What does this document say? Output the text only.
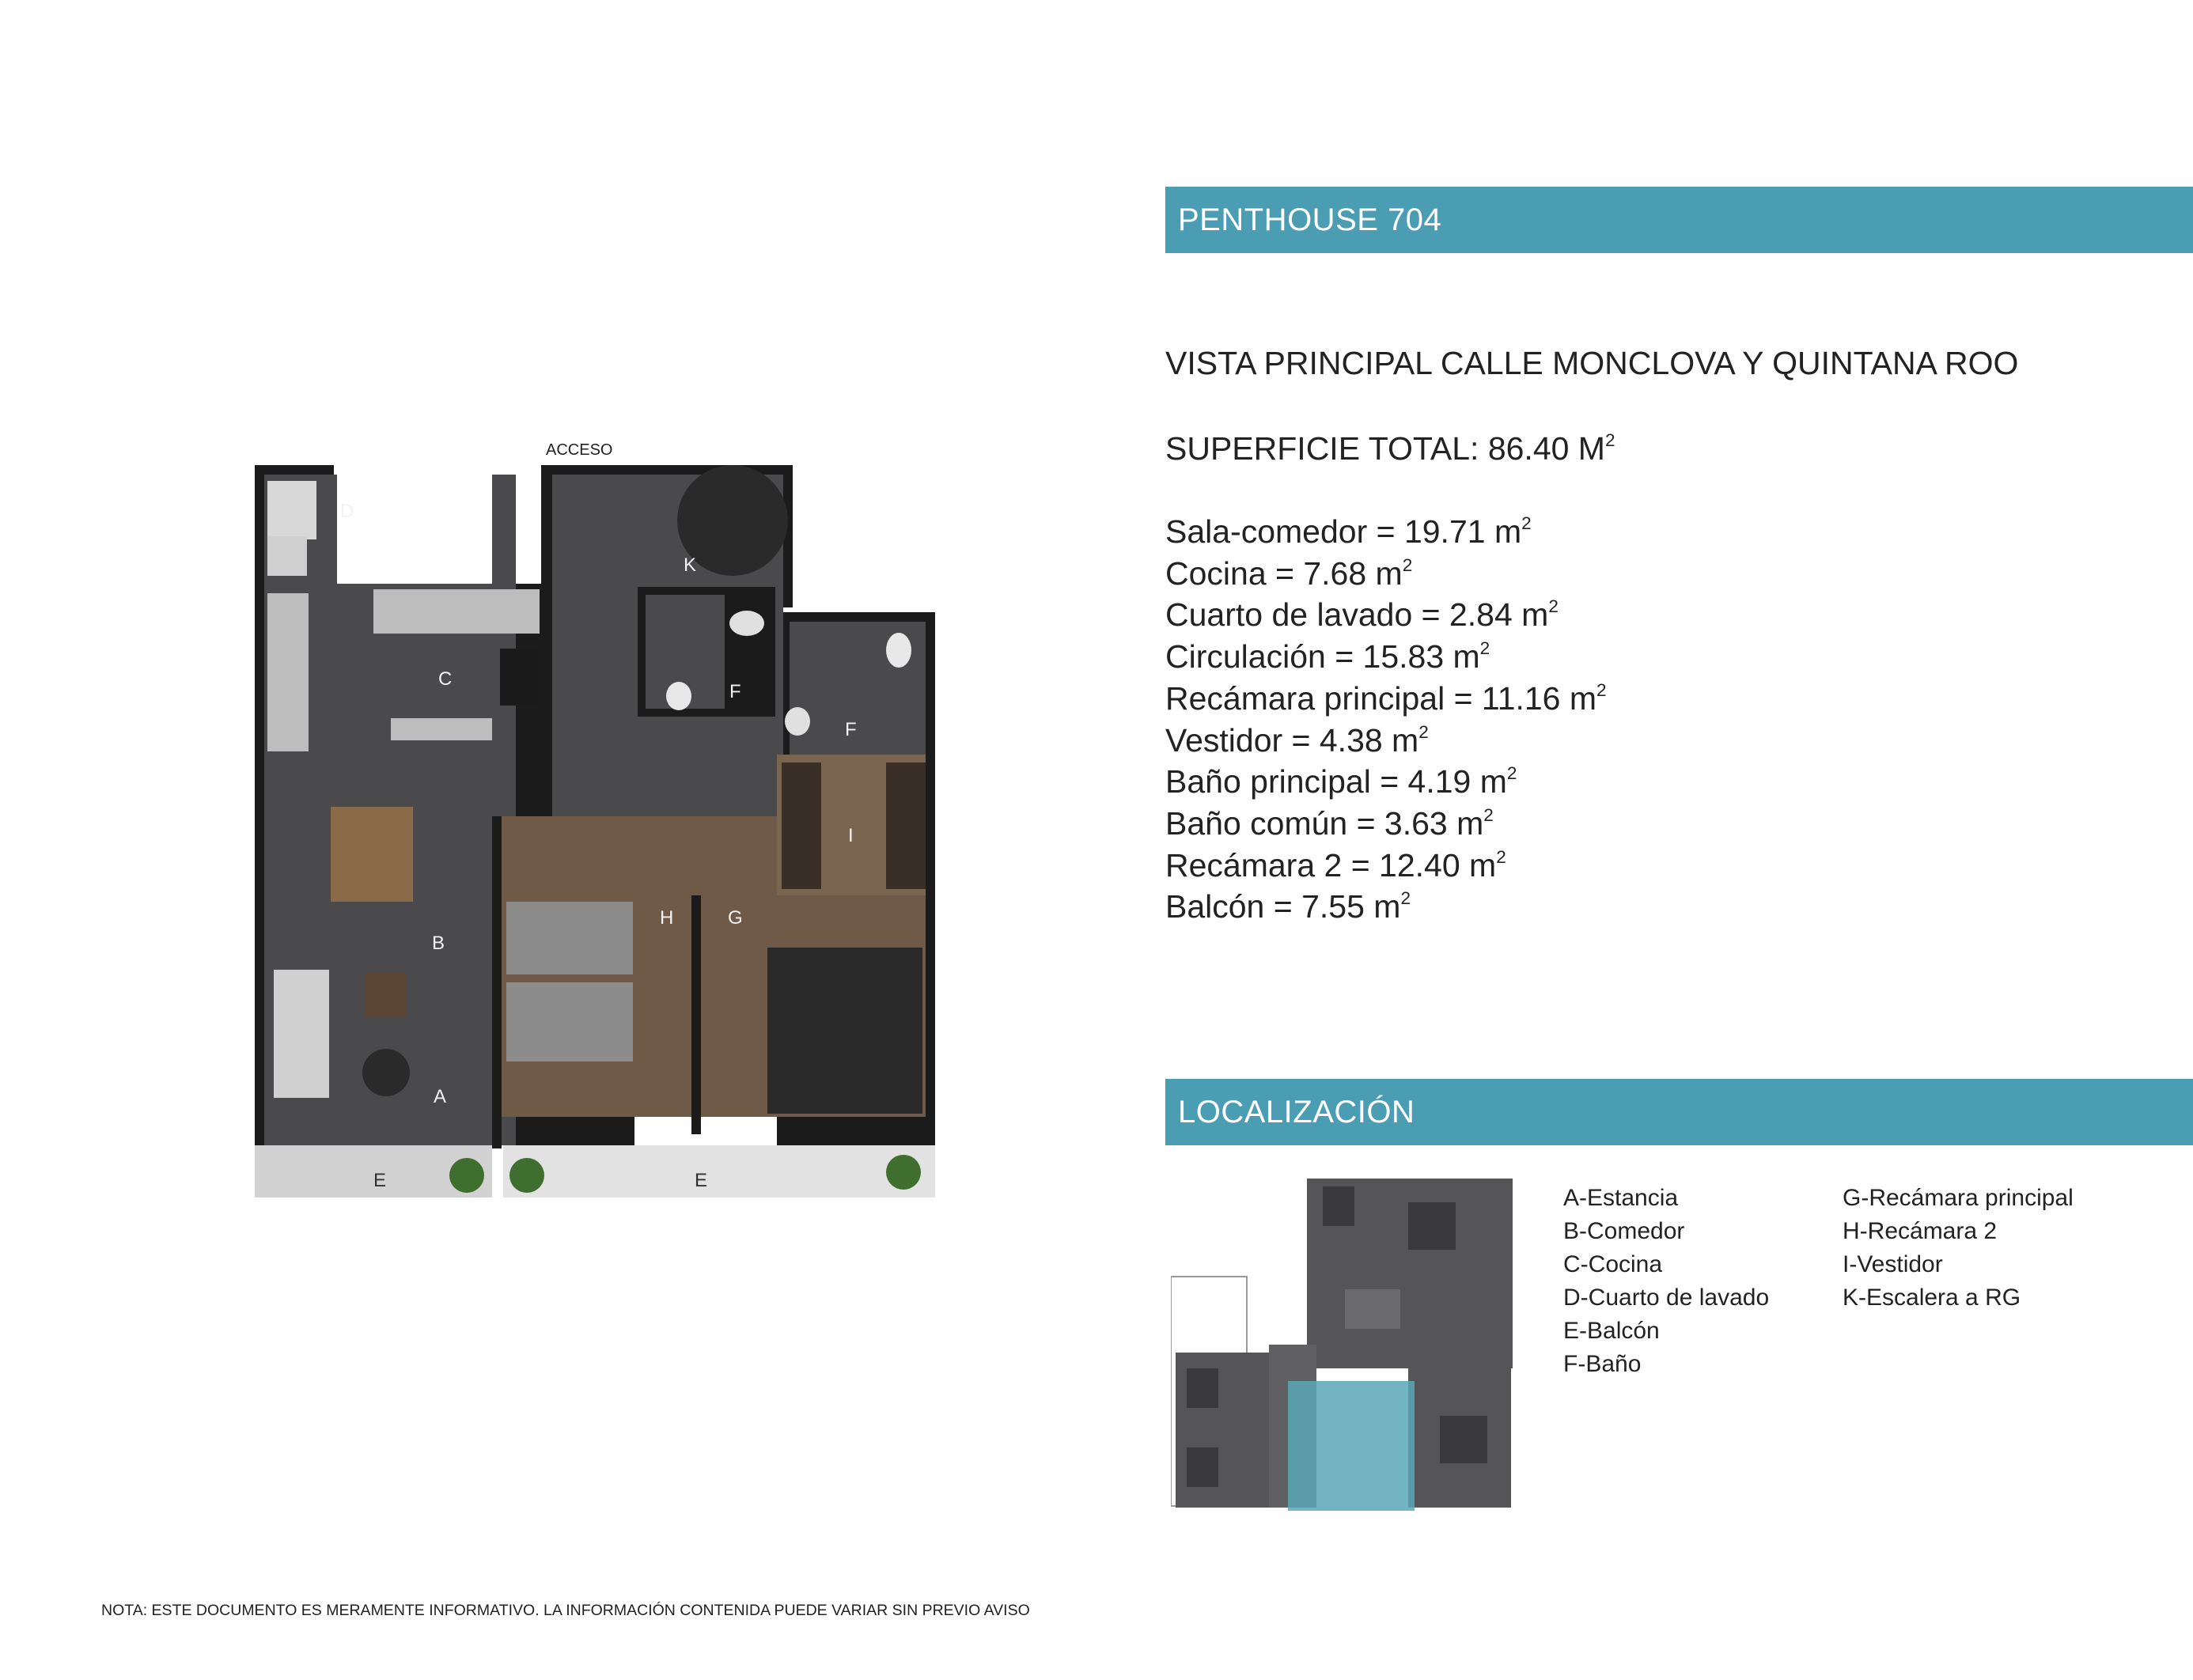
ACCESO
D
K
C
F
F
I
H	G
B
A
E	E
PENTHOUSE 704
VISTA PRINCIPAL CALLE MONCLOVA Y QUINTANA ROO
SUPERFICIE TOTAL: 86.40 $M^2$
Sala-comedor = 19.71 $m^2$
Cocina = 7.68 $m^2$
Cuarto de lavado = 2.84 $m^2$
Circulación = 15.83 $m^2$
Recámara principal = 11.16 $m^2$
Vestidor = 4.38 $m^2$
Baño principal = 4.19 $m^2$
Baño común = 3.63 $m^2$
Recámara 2 = 12.40 $m^2$
Balcón = 7.55 $m^2$
LOCALIZACIÓN
A-Estancia
B-Comedor
C-Cocina
D-Cuarto de lavado
E-Balcón
F-Baño
G-Recámara principal
H-Recámara 2
I-Vestidor
K-Escalera a RG
NOTA: ESTE DOCUMENTO ES MERAMENTE INFORMATIVO. LA INFORMACIÓN CONTENIDA PUEDE VARIAR SIN PREVIO AVISO
